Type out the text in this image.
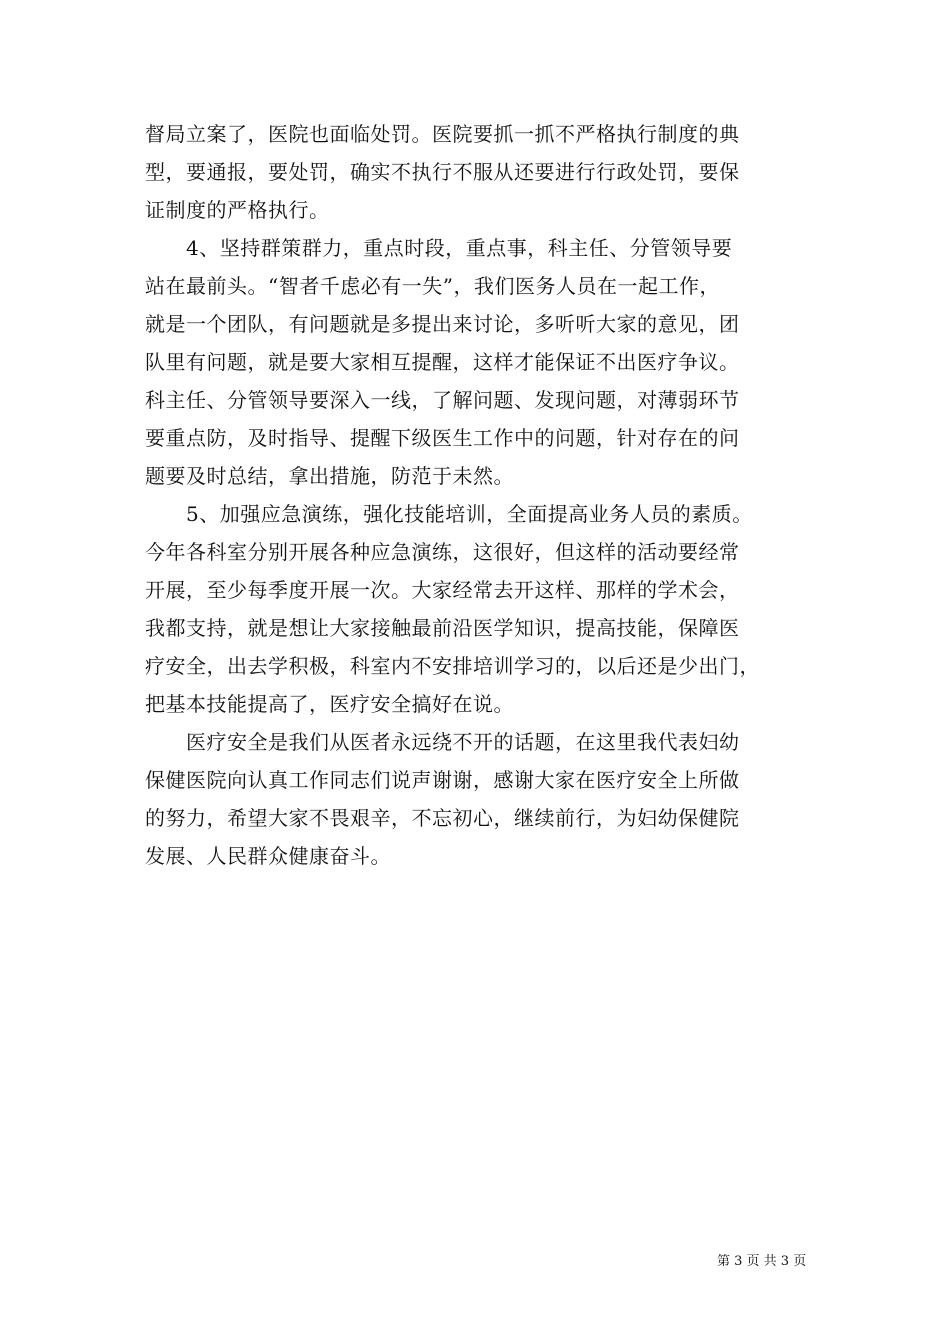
督局立案了，医院也面临处罚。医院要抓一抓不严格执行制度的典
型，要通报，要处罚，确实不执行不服从还要进行行政处罚，要保
证制度的严格执行。
4、坚持群策群力，重点时段，重点事，科主任、分管领导要
站在最前头。“智者千虑必有一失”，我们医务人员在一起工作，
就是一个团队，有问题就是多提出来讨论，多听听大家的意见，团
队里有问题，就是要大家相互提醒，这样才能保证不出医疗争议。
科主任、分管领导要深入一线，了解问题、发现问题，对薄弱环节
要重点防，及时指导、提醒下级医生工作中的问题，针对存在的问
题要及时总结，拿出措施，防范于未然。
5、加强应急演练，强化技能培训，全面提高业务人员的素质。
今年各科室分别开展各种应急演练，这很好，但这样的活动要经常
开展，至少每季度开展一次。大家经常去开这样、那样的学术会，
我都支持，就是想让大家接触最前沿医学知识，提高技能，保障医
疗安全，出去学积极，科室内不安排培训学习的，以后还是少出门，
把基本技能提高了，医疗安全搞好在说。
医疗安全是我们从医者永远绕不开的话题，在这里我代表妇幼
保健医院向认真工作同志们说声谢谢，感谢大家在医疗安全上所做
的努力，希望大家不畏艰辛，不忘初心，继续前行，为妇幼保健院
发展、人民群众健康奋斗。
第 3 页 共 3 页
